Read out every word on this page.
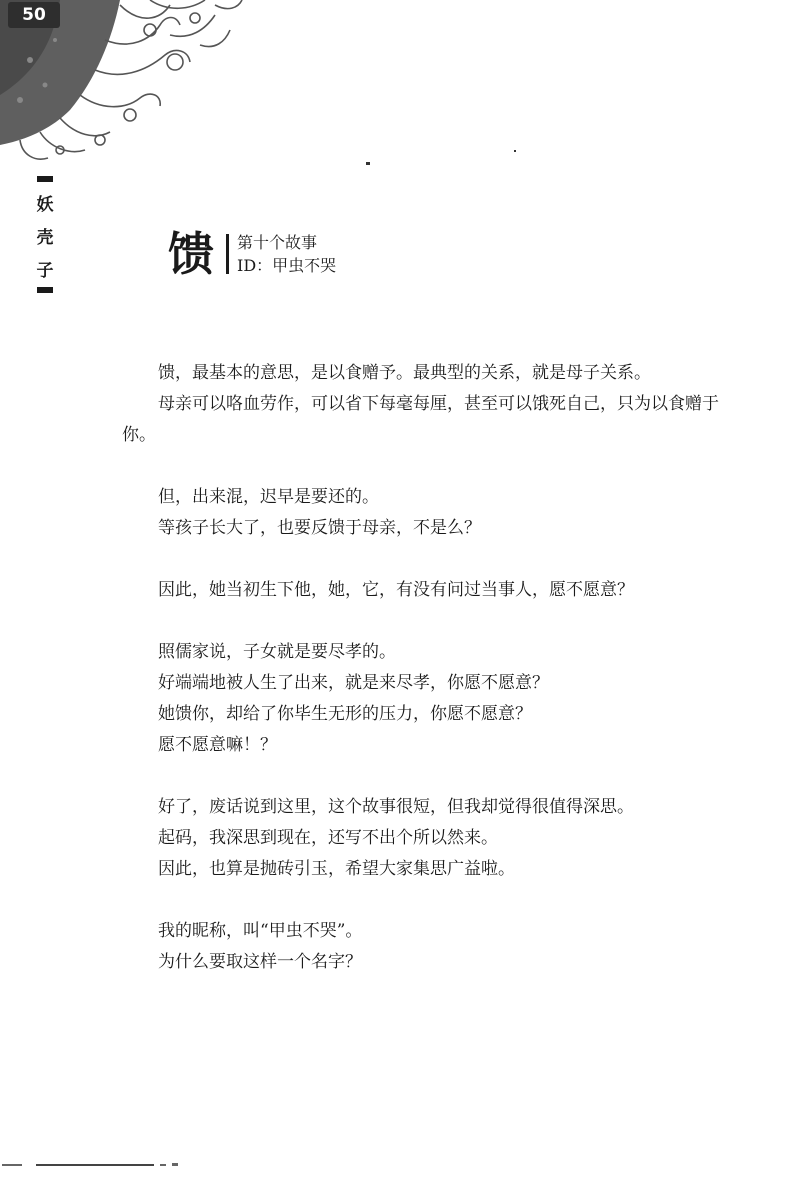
50
妖
壳
子 馈 第十个故事
ID：甲虫不哭

馈，最基本的意思，是以食赠予。最典型的关系，就是母子关系。

母亲可以咯血劳作，可以省下每毫每厘，甚至可以饿死自己，只为以食赠于你。

但，出来混，迟早是要还的。

等孩子长大了，也要反馈于母亲，不是么？

因此，她当初生下他，她，它，有没有问过当事人，愿不愿意？

照儒家说，子女就是要尽孝的。

好端端地被人生了出来，就是来尽孝，你愿不愿意？

她馈你，却给了你毕生无形的压力，你愿不愿意？

愿不愿意嘛！？

好了，废话说到这里，这个故事很短，但我却觉得很值得深思。

起码，我深思到现在，还写不出个所以然来。

因此，也算是抛砖引玉，希望大家集思广益啦。

我的昵称，叫“甲虫不哭”。

为什么要取这样一个名字？
